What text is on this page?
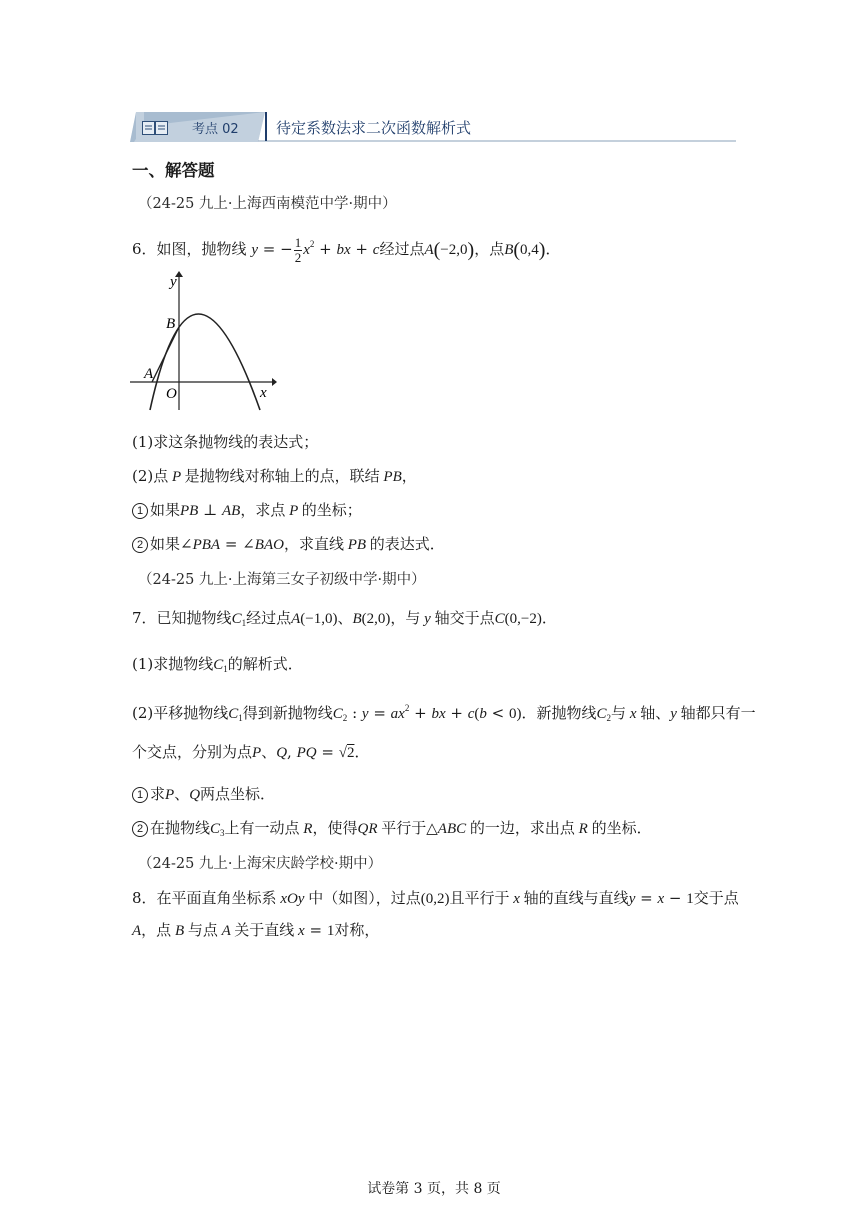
考点 02 待定系数法求二次函数解析式
一、解答题
（24-25 九上·上海西南模范中学·期中）
6．如图，抛物线 y = − $\frac{1}{2} x^2$ + bx + c经过点A(−2,0)，点B(0,4)．
y
x
B
A
O
(1)求这条抛物线的表达式；
(2)点 P 是抛物线对称轴上的点，联结 PB，
1 如果PB ⊥ AB，求点 P 的坐标；
2 如果∠PBA = ∠BAO，求直线 PB 的表达式．
（24-25 九上·上海第三女子初级中学·期中）
7．已知抛物线$C_1$经过点A(−1,0)、B(2,0)，与 y 轴交于点C(0,−2)．
(1)求抛物线$C_1$的解析式．
(2)平移抛物线$C_1$得到新抛物线$C_2$ : $y = ax^2$ + bx + c(b < 0)．新抛物线$C_2$与 x 轴、y 轴都只有一
个交点，分别为点P、Q, PQ = √2．
1 求P、Q两点坐标．
2 在抛物线$C_3$上有一动点 R，使得QR 平行于△ABC 的一边，求出点 R 的坐标．
（24-25 九上·上海宋庆龄学校·期中）
8．在平面直角坐标系 xOy 中（如图），过点(0,2)且平行于 x 轴的直线与直线y = x − 1交于点
A，点 B 与点 A 关于直线 x = 1对称，
试卷第 3 页，共 8 页
